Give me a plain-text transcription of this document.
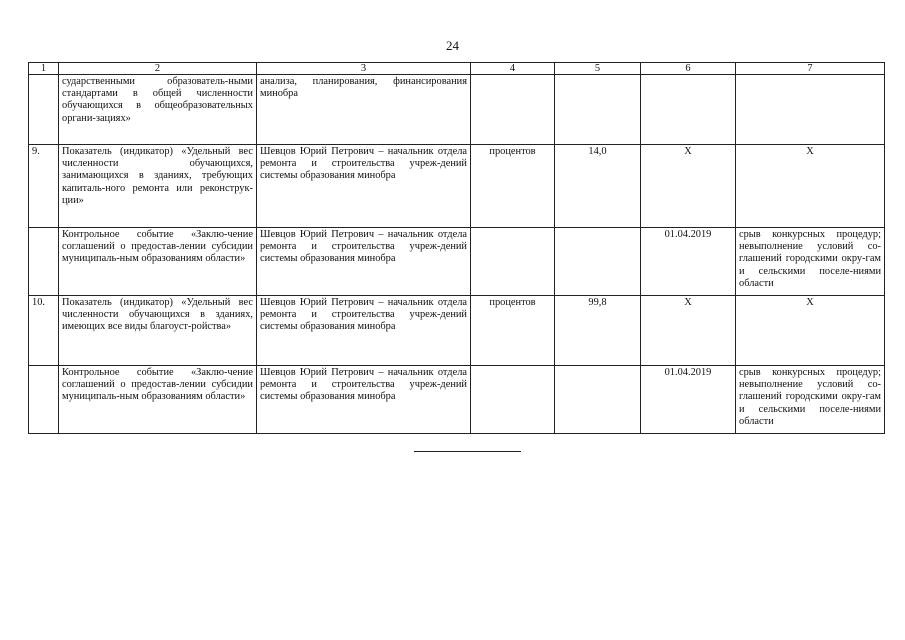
24
1	2	3	4	5	6	7
	сударственными образователь-ными стандартами в общей численности обучающихся в общеобразовательных органи-зациях»	анализа, планирования, финансирования минобра				
9.	Показатель (индикатор) «Удельный вес численности обучающихся, занимающихся в зданиях, требующих капиталь-ного ремонта или реконструк-ции»	Шевцов Юрий Петрович – начальник отдела ремонта и строительства учреж-дений системы образования минобра	процентов	14,0	X	X
	Контрольное событие «Заклю-чение соглашений о предостав-лении субсидии муниципаль-ным образованиям области»	Шевцов Юрий Петрович – начальник отдела ремонта и строительства учреж-дений системы образования минобра			01.04.2019	срыв конкурсных процедур; невыполнение условий со-глашений городскими окру-гам и сельскими поселе-ниями области
10.	Показатель (индикатор) «Удельный вес численности обучающихся в зданиях, имеющих все виды благоуст-ройства»	Шевцов Юрий Петрович – начальник отдела ремонта и строительства учреж-дений системы образования минобра	процентов	99,8	X	X
	Контрольное событие «Заклю-чение соглашений о предостав-лении субсидии муниципаль-ным образованиям области»	Шевцов Юрий Петрович – начальник отдела ремонта и строительства учреж-дений системы образования минобра			01.04.2019	срыв конкурсных процедур; невыполнение условий со-глашений городскими окру-гам и сельскими поселе-ниями области
